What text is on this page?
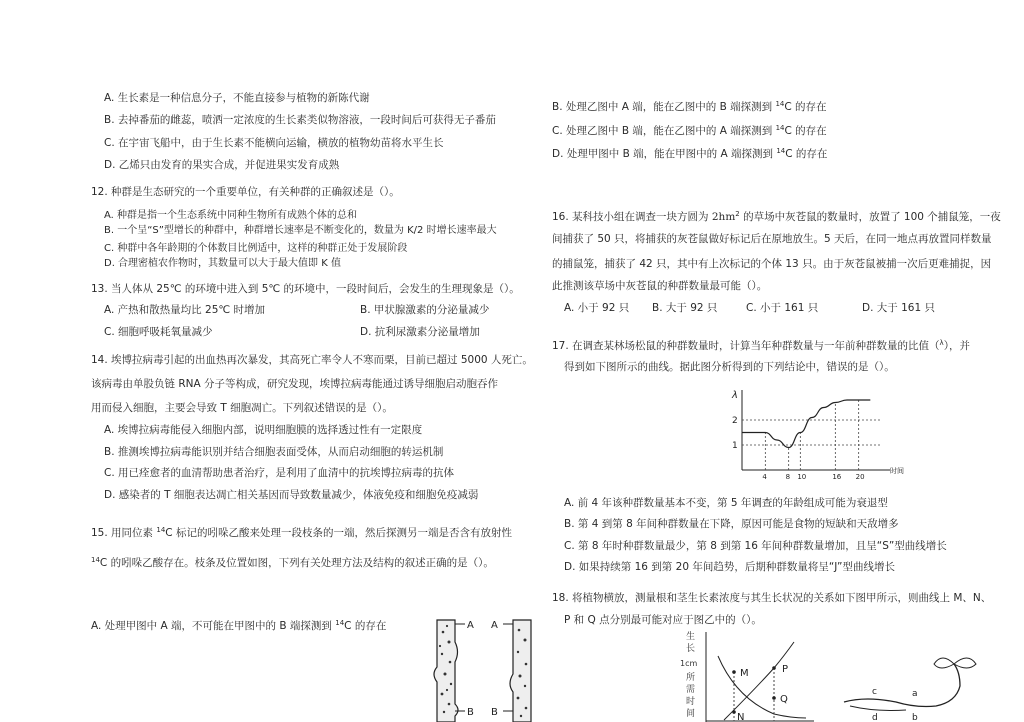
A. 生长素是一种信息分子，不能直接参与植物的新陈代谢
B. 去掉番茄的雌蕊，喷洒一定浓度的生长素类似物溶液，一段时间后可获得无子番茄
C. 在宇宙飞船中，由于生长素不能横向运输，横放的植物幼苗将水平生长
D. 乙烯只由发育的果实合成，并促进果实发育成熟
12. 种群是生态研究的一个重要单位，有关种群的正确叙述是（）。
A. 种群是指一个生态系统中同种生物所有成熟个体的总和
B. 一个呈“S”型增长的种群中，种群增长速率是不断变化的，数量为 K/2 时增长速率最大
C. 种群中各年龄期的个体数目比例适中，这样的种群正处于发展阶段
D. 合理密植农作物时，其数量可以大于最大值即 K 值
13. 当人体从 25℃ 的环境中进入到 5℃ 的环境中，一段时间后，会发生的生理现象是（）。
A. 产热和散热量均比 25℃ 时增加	B. 甲状腺激素的分泌量减少
C. 细胞呼吸耗氧量减少	D. 抗利尿激素分泌量增加
14. 埃博拉病毒引起的出血热再次暴发，其高死亡率令人不寒而栗，目前已超过 5000 人死亡。
该病毒由单股负链 RNA 分子等构成，研究发现，埃博拉病毒能通过诱导细胞启动胞吞作
用而侵入细胞，主要会导致 T 细胞凋亡。下列叙述错误的是（）。
A. 埃博拉病毒能侵入细胞内部，说明细胞膜的选择透过性有一定限度
B. 推测埃博拉病毒能识别并结合细胞表面受体，从而启动细胞的转运机制
C. 用已痊愈者的血清帮助患者治疗，是利用了血清中的抗埃博拉病毒的抗体
D. 感染者的 T 细胞表达凋亡相关基因而导致数量减少，体液免疫和细胞免疫减弱
15. 用同位素 $^{14}$C 标记的吲哚乙酸来处理一段枝条的一端，然后探测另一端是否含有放射性
$^{14}$C 的吲哚乙酸存在。枝条及位置如图，下列有关处理方法及结构的叙述正确的是（）。
A. 处理甲图中 A 端，不可能在甲图中的 B 端探测到 $^{14}$C 的存在	A A
B B
B. 处理乙图中 A 端，能在乙图中的 B 端探测到 $^{14}$C 的存在
C. 处理乙图中 B 端，能在乙图中的 A 端探测到 $^{14}$C 的存在
D. 处理甲图中 B 端，能在甲图中的 A 端探测到 $^{14}$C 的存在
16. 某科技小组在调查一块方圆为 $2hm^2$ 的草场中灰苍鼠的数量时，放置了 100 个捕鼠笼，一夜
间捕获了 50 只，将捕获的灰苍鼠做好标记后在原地放生。5 天后，在同一地点再放置同样数量
的捕鼠笼，捕获了 42 只，其中有上次标记的个体 13 只。由于灰苍鼠被捕一次后更难捕捉，因
此推测该草场中灰苍鼠的种群数量最可能（）。
A. 小于 92 只 B. 大于 92 只	C. 小于 161 只	D. 大于 161 只
17. 在调查某林场松鼠的种群数量时，计算当年种群数量与一年前种群数量的比值（$^\lambda$），并
得到如下图所示的曲线。据此图分析得到的下列结论中，错误的是（）。
λ
时间
1
2
4	8 10	16 20
A. 前 4 年该种群数量基本不变，第 5 年调查的年龄组成可能为衰退型
B. 第 4 到第 8 年间种群数量在下降，原因可能是食物的短缺和天敌增多
C. 第 8 年时种群数量最少，第 8 到第 16 年间种群数量增加，且呈“S”型曲线增长
D. 如果持续第 16 到第 20 年间趋势，后期种群数量将呈“J”型曲线增长
18. 将植物横放，测量根和茎生长素浓度与其生长状况的关系如下图甲所示，则曲线上 M、N、
P 和 Q 点分别最可能对应于图乙中的（）。
生
长
1cm
所
需
时
间
M	P
Q
N
c	a
d	b
